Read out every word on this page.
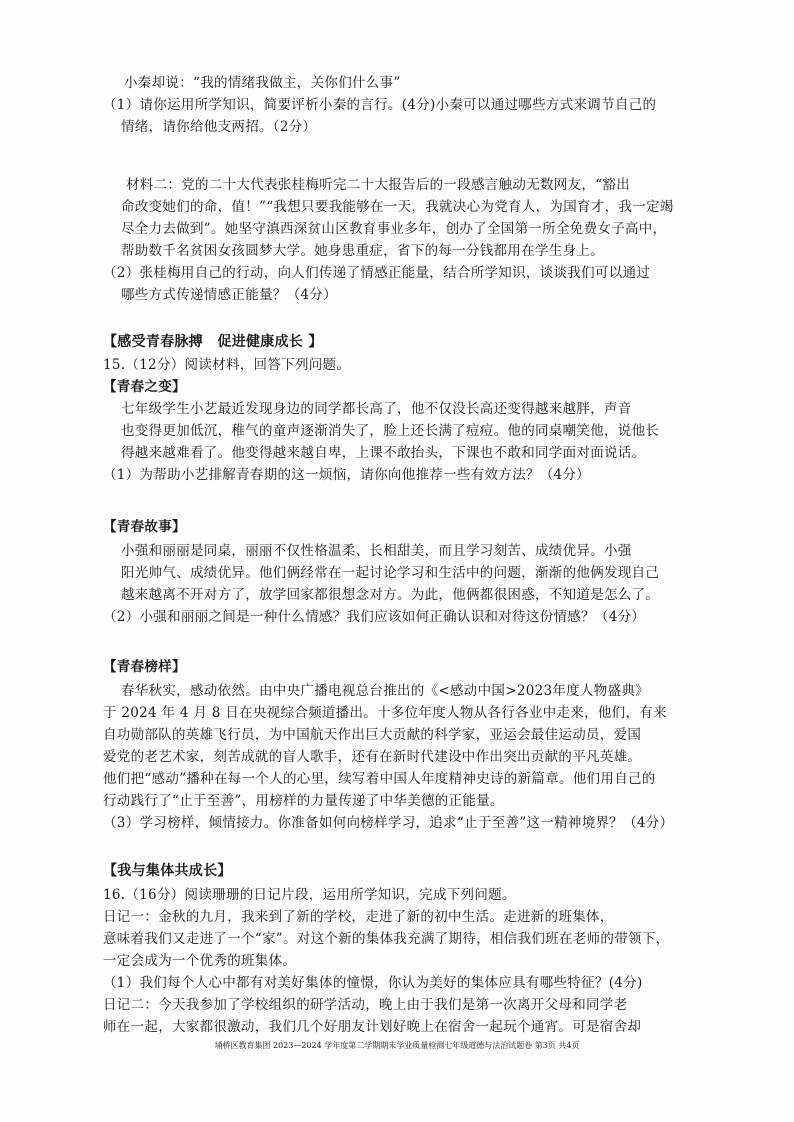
小秦却说：“我的情绪我做主，关你们什么事”
（1）请你运用所学知识，简要评析小秦的言行。(4分)小秦可以通过哪些方式来调节自己的
情绪，请你给他支两招。（2分）
材料二：党的二十大代表张桂梅听完二十大报告后的一段感言触动无数网友，“豁出
命改变她们的命，值！”“我想只要我能够在一天，我就决心为党育人，为国育才，我一定竭
尽全力去做到”。她坚守滇西深贫山区教育事业多年，创办了全国第一所全免费女子高中，
帮助数千名贫困女孩圆梦大学。她身患重症，省下的每一分钱都用在学生身上。
（2）张桂梅用自己的行动，向人们传递了情感正能量，结合所学知识，谈谈我们可以通过
哪些方式传递情感正能量？（4分）
【感受青春脉搏　促进健康成长 】
15.（12分）阅读材料，回答下列问题。
【青春之变】
七年级学生小艺最近发现身边的同学都长高了，他不仅没长高还变得越来越胖，声音
也变得更加低沉，稚气的童声逐渐消失了，脸上还长满了痘痘。他的同桌嘲笑他，说他长
得越来越难看了。他变得越来越自卑，上课不敢抬头，下课也不敢和同学面对面说话。
（1）为帮助小艺排解青春期的这一烦恼，请你向他推荐一些有效方法？（4分）
【青春故事】
小强和丽丽是同桌，丽丽不仅性格温柔、长相甜美，而且学习刻苦、成绩优异。小强
阳光帅气、成绩优异。他们俩经常在一起讨论学习和生活中的问题，渐渐的他俩发现自己
越来越离不开对方了，放学回家都很想念对方。为此，他俩都很困惑，不知道是怎么了。
（2）小强和丽丽之间是一种什么情感？我们应该如何正确认识和对待这份情感？（4分）
【青春榜样】
春华秋实，感动依然。由中央广播电视总台推出的《<感动中国>2023年度人物盛典》
于 2024 年 4 月 8 日在央视综合频道播出。十多位年度人物从各行各业中走来，他们，有来
自功勋部队的英雄飞行员，为中国航天作出巨大贡献的科学家，亚运会最佳运动员，爱国
爱党的老艺术家，刻苦成就的盲人歌手，还有在新时代建设中作出突出贡献的平凡英雄。
他们把“感动”播种在每一个人的心里，续写着中国人年度精神史诗的新篇章。他们用自己的
行动践行了“止于至善”，用榜样的力量传递了中华美德的正能量。
（3）学习榜样，倾情接力。你准备如何向榜样学习，追求“止于至善”这一精神境界？（4分）
【我与集体共成长】
16.（16分）阅读珊珊的日记片段，运用所学知识，完成下列问题。
日记一：金秋的九月，我来到了新的学校，走进了新的初中生活。走进新的班集体，
意味着我们又走进了一个“家”。对这个新的集体我充满了期待，相信我们班在老师的带领下，
一定会成为一个优秀的班集体。
（1）我们每个人心中都有对美好集体的憧憬，你认为美好的集体应具有哪些特征？(4分)
日记二：今天我参加了学校组织的研学活动，晚上由于我们是第一次离开父母和同学老
师在一起，大家都很激动，我们几个好朋友计划好晚上在宿舍一起玩个通宵。可是宿舍却
埇桥区教育集团 2023—2024 学年度第二学期期末学业质量检测七年级道德与法治试题卷 第3页 共4页
